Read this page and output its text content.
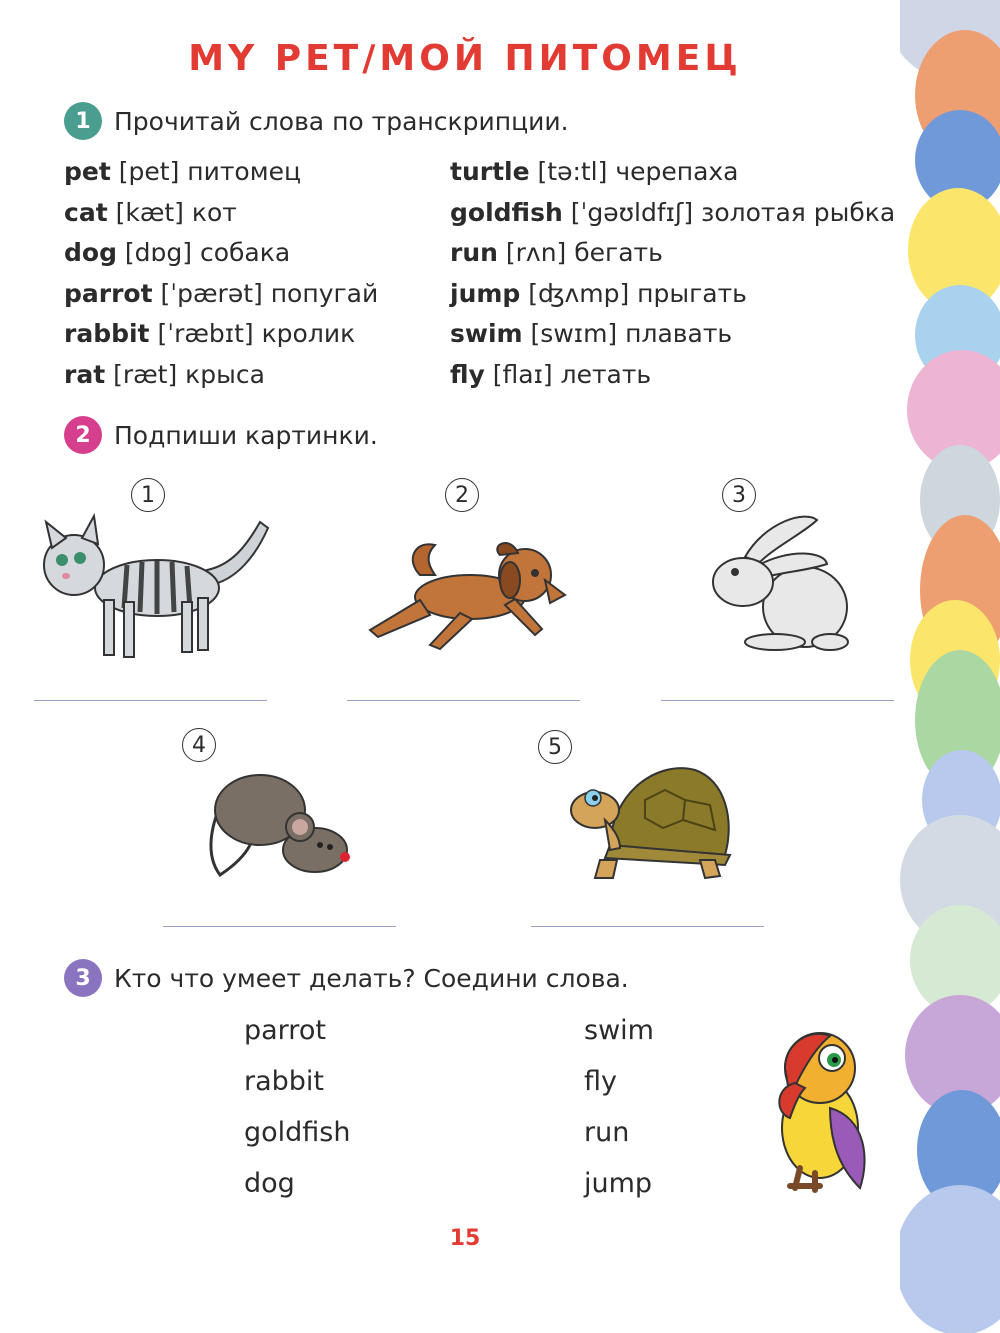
MY PET/МОЙ ПИТОМЕЦ
1 Прочитай слова по транскрипции.
pet [pet] питомец
cat [kæt] кот
dog [dɒg] собака
parrot [ˈpærət] попугай
rabbit [ˈræbɪt] кролик
rat [ræt] крыса
turtle [tə:tl] черепаха
goldfish [ˈgəʊldfɪʃ] золотая рыбка
run [rʌn] бегать
jump [ʤʌmp] прыгать
swim [swɪm] плавать
fly [flaɪ] летать
2 Подпиши картинки.
1	2	3
4	5
3 Кто что умеет делать? Соедини слова.
parrot
rabbit
goldfish
dog
swim
fly
run
jump
15
